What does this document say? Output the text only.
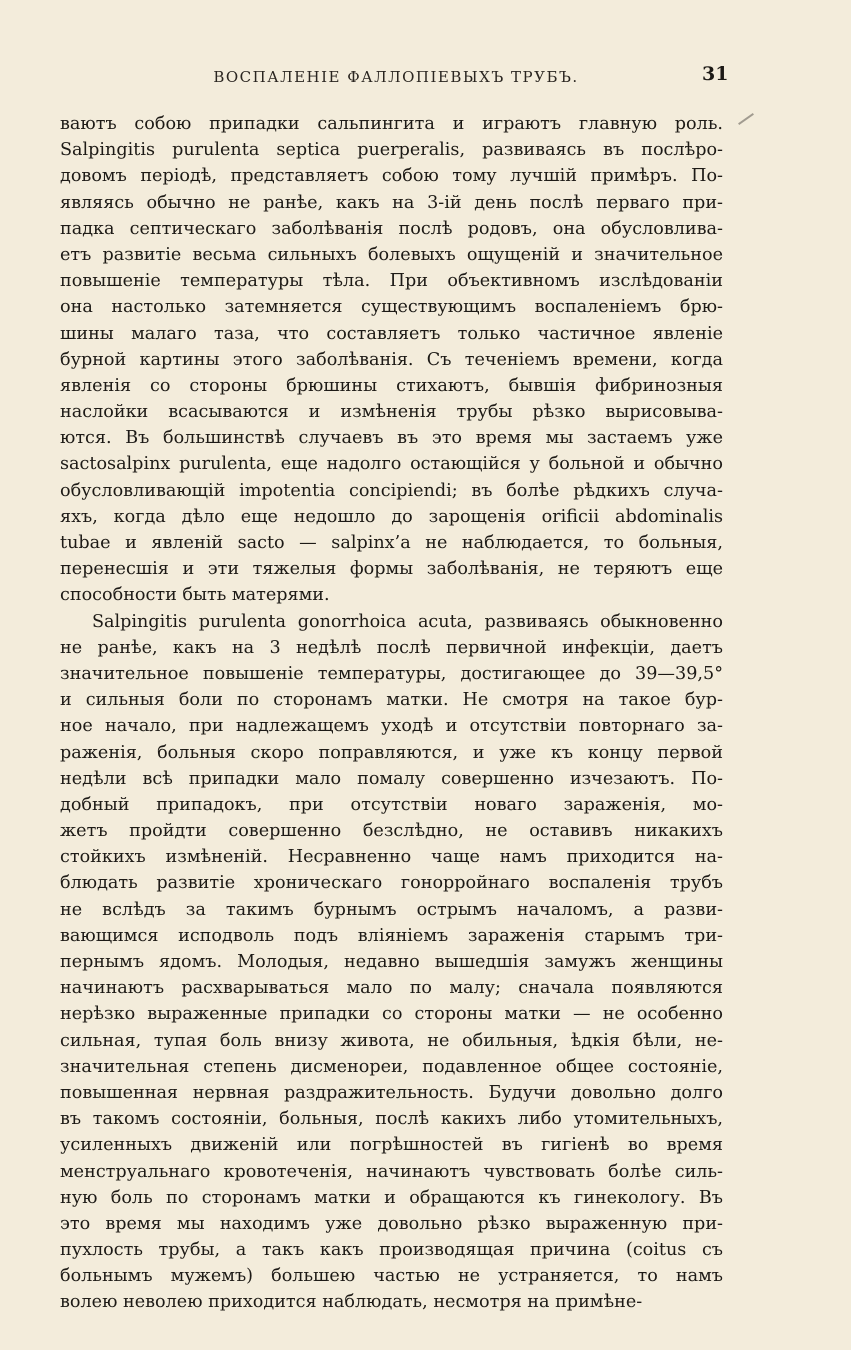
ВОСПАЛЕНІЕ ФАЛЛОПІЕВЫХЪ ТРУБЪ.	31
ваютъ собою припадки сальпингита и играютъ главную роль.
Salpingitis purulenta septica puerperalis, развиваясь въ послѣро-
довомъ періодѣ, представляетъ собою тому лучшій примѣръ. По-
являясь обычно не ранѣе, какъ на 3-ій день послѣ перваго при-
падка септическаго заболѣванія послѣ родовъ, она обусловлива-
етъ развитіе весьма сильныхъ болевыхъ ощущеній и значительное
повышеніе температуры тѣла. При объективномъ изслѣдованіи
она настолько затемняется существующимъ воспаленіемъ брю-
шины малаго таза, что составляетъ только частичное явленіе
бурной картины этого заболѣванія. Съ теченіемъ времени, когда
явленія со стороны брюшины стихаютъ, бывшія фибринозныя
наслойки всасываются и измѣненія трубы рѣзко вырисовыва-
ются. Въ большинствѣ случаевъ въ это время мы застаемъ уже
sactosalpinx purulenta, еще надолго остающійся у больной и обычно
обусловливающій impotentia concipiendi; въ болѣе рѣдкихъ случа-
яхъ, когда дѣло еще недошло до зарощенія orificii abdominalis
tubae и явленій sacto — salpinx’a не наблюдается, то больныя,
перенесшія и эти тяжелыя формы заболѣванія, не теряютъ еще
способности быть матерями.
Salpingitis purulenta gonorrhoica acuta, развиваясь обыкновенно
не ранѣе, какъ на 3 недѣлѣ послѣ первичной инфекціи, даетъ
значительное повышеніе температуры, достигающее до 39—39,5°
и сильныя боли по сторонамъ матки. Не смотря на такое бур-
ное начало, при надлежащемъ уходѣ и отсутствіи повторнаго за-
раженія, больныя скоро поправляются, и уже къ концу первой
недѣли всѣ припадки мало помалу совершенно изчезаютъ. По-
добный припадокъ, при отсутствіи новаго зараженія, мо-
жетъ пройдти совершенно безслѣдно, не оставивъ никакихъ
стойкихъ измѣненій. Несравненно чаще намъ приходится на-
блюдать развитіе хроническаго гонорройнаго воспаленія трубъ
не вслѣдъ за такимъ бурнымъ острымъ началомъ, а разви-
вающимся исподволь подъ вліяніемъ зараженія старымъ три-
пернымъ ядомъ. Молодыя, недавно вышедшія замужъ женщины
начинаютъ расхварываться мало по малу; сначала появляются
нерѣзко выраженные припадки со стороны матки — не особенно
сильная, тупая боль внизу живота, не обильныя, ѣдкія бѣли, не-
значительная степень дисменореи, подавленное общее состояніе,
повышенная нервная раздражительность. Будучи довольно долго
въ такомъ состояніи, больныя, послѣ какихъ либо утомительныхъ,
усиленныхъ движеній или погрѣшностей въ гигіенѣ во время
менструальнаго кровотеченія, начинаютъ чувствовать болѣе силь-
ную боль по сторонамъ матки и обращаются къ гинекологу. Въ
это время мы находимъ уже довольно рѣзко выраженную при-
пухлость трубы, а такъ какъ производящая причина (coitus съ
больнымъ мужемъ) большею частью не устраняется, то намъ
волею неволею приходится наблюдать, несмотря на примѣне-
